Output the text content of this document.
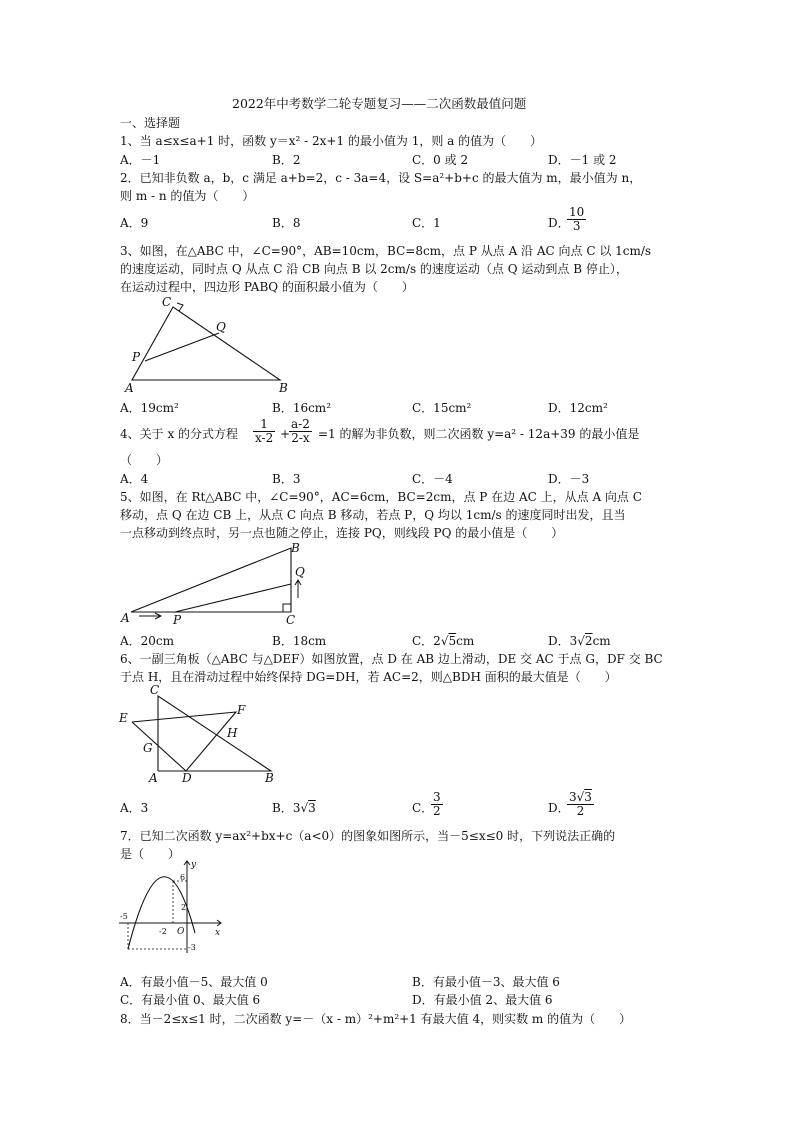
2022年中考数学二轮专题复习——二次函数最值问题
一、选择题
1、当 a≤x≤a+1 时，函数 y＝x² - 2x+1 的最小值为 1，则 a 的值为（　　）
A．－1	B．2	C．0 或 2	D．－1 或 2
2．已知非负数 a，b，c 满足 a+b=2，c - 3a=4，设 S=a²+b+c 的最大值为 m，最小值为 n，
则 m - n 的值为（　　）
A．9	B．8	C．1	D．
$\frac{10}{3}$
3、如图，在△ABC 中，∠C=90°，AB=10cm，BC=8cm，点 P 从点 A 沿 AC 向点 C 以 1cm/s
的速度运动，同时点 Q 从点 C 沿 CB 向点 B 以 2cm/s 的速度运动（点 Q 运动到点 B 停止），
在运动过程中，四边形 PABQ 的面积最小值为（　　）
A	B
C
P
Q
A．19cm²	B．16cm²	C．15cm²	D．12cm²
4、关于 x 的分式方程 $\frac{1}{x-2}$ +
$\frac{a-2}{2-x} =1$ 的解为非负数，则二次函数 y=a² - 12a+39 的最小值是
（　　）
A．4	B．3	C．－4	D．－3
5、如图，在 Rt△ABC 中，∠C=90°，AC=6cm，BC=2cm，点 P 在边 AC 上，从点 A 向点 C
移动，点 Q 在边 CB 上，从点 C 向点 B 移动，若点 P，Q 均以 1cm/s 的速度同时出发，且当
一点移动到终点时，另一点也随之停止，连接 PQ，则线段 PQ 的最小值是（　　）
A
B
C
P
Q
A．20cm	B．18cm	C．2√5cm	D．3√2cm
6、一副三角板（△ABC 与△DEF）如图放置，点 D 在 AB 边上滑动，DE 交 AC 于点 G，DF 交 BC
于点 H，且在滑动过程中始终保持 DG=DH，若 AC=2，则△BDH 面积的最大值是（　　）
A	B
C
D
E
F
G
H
A．3	B．3√3	C．
$\frac{3}{2}$	D．
$\frac{3√3}{2}$
7．已知二次函数 y=ax²+bx+c（a<0）的图象如图所示，当－5≤x≤0 时，下列说法正确的
是（　　）
y
x
O
-5
-2
6
2
-3
A．有最小值－5、最大值 0	B．有最小值－3、最大值 6
C．有最小值 0、最大值 6	D．有最小值 2、最大值 6
8．当－2≤x≤1 时，二次函数 y=－（x - m）²+m²+1 有最大值 4，则实数 m 的值为（　　）
